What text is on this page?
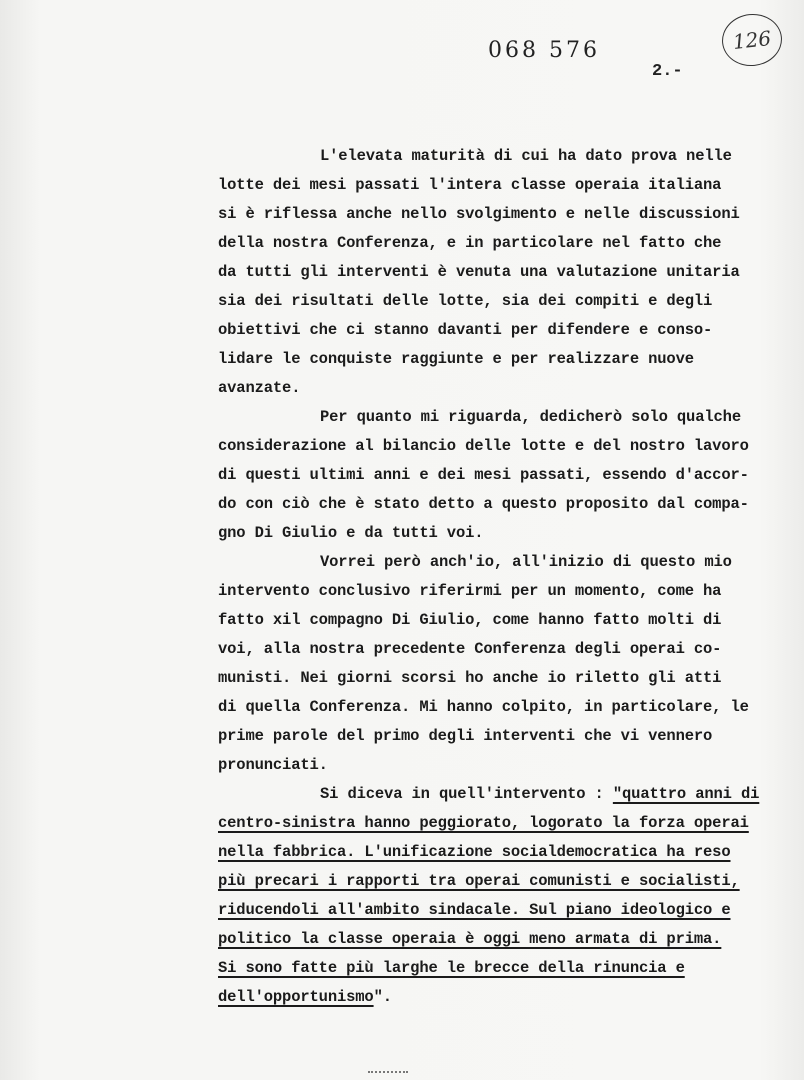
068 576
2.-
126
L'elevata maturità di cui ha dato prova nelle
lotte dei mesi passati l'intera classe operaia italiana
si è riflessa anche nello svolgimento e nelle discussioni
della nostra Conferenza, e in particolare nel fatto che
da tutti gli interventi è venuta una valutazione unitaria
sia dei risultati delle lotte, sia dei compiti e degli
obiettivi che ci stanno davanti per difendere e conso-
lidare le conquiste raggiunte e per realizzare nuove
avanzate.
Per quanto mi riguarda, dedicherò solo qualche
considerazione al bilancio delle lotte e del nostro lavoro
di questi ultimi anni e dei mesi passati, essendo d'accor-
do con ciò che è stato detto a questo proposito dal compa-
gno Di Giulio e da tutti voi.
Vorrei però anch'io, all'inizio di questo mio
intervento conclusivo riferirmi per un momento, come ha
fatto xil compagno Di Giulio, come hanno fatto molti di
voi, alla nostra precedente Conferenza degli operai co-
munisti. Nei giorni scorsi ho anche io riletto gli atti
di quella Conferenza. Mi hanno colpito, in particolare, le
prime parole del primo degli interventi che vi vennero
pronunciati.
Si diceva in quell'intervento : "quattro anni di
centro-sinistra hanno peggiorato, logorato la forza operai
nella fabbrica. L'unificazione socialdemocratica ha reso
più precari i rapporti tra operai comunisti e socialisti,
riducendoli all'ambito sindacale. Sul piano ideologico e
politico la classe operaia è oggi meno armata di prima.
Si sono fatte più larghe le brecce della rinuncia e
dell'opportunismo".
